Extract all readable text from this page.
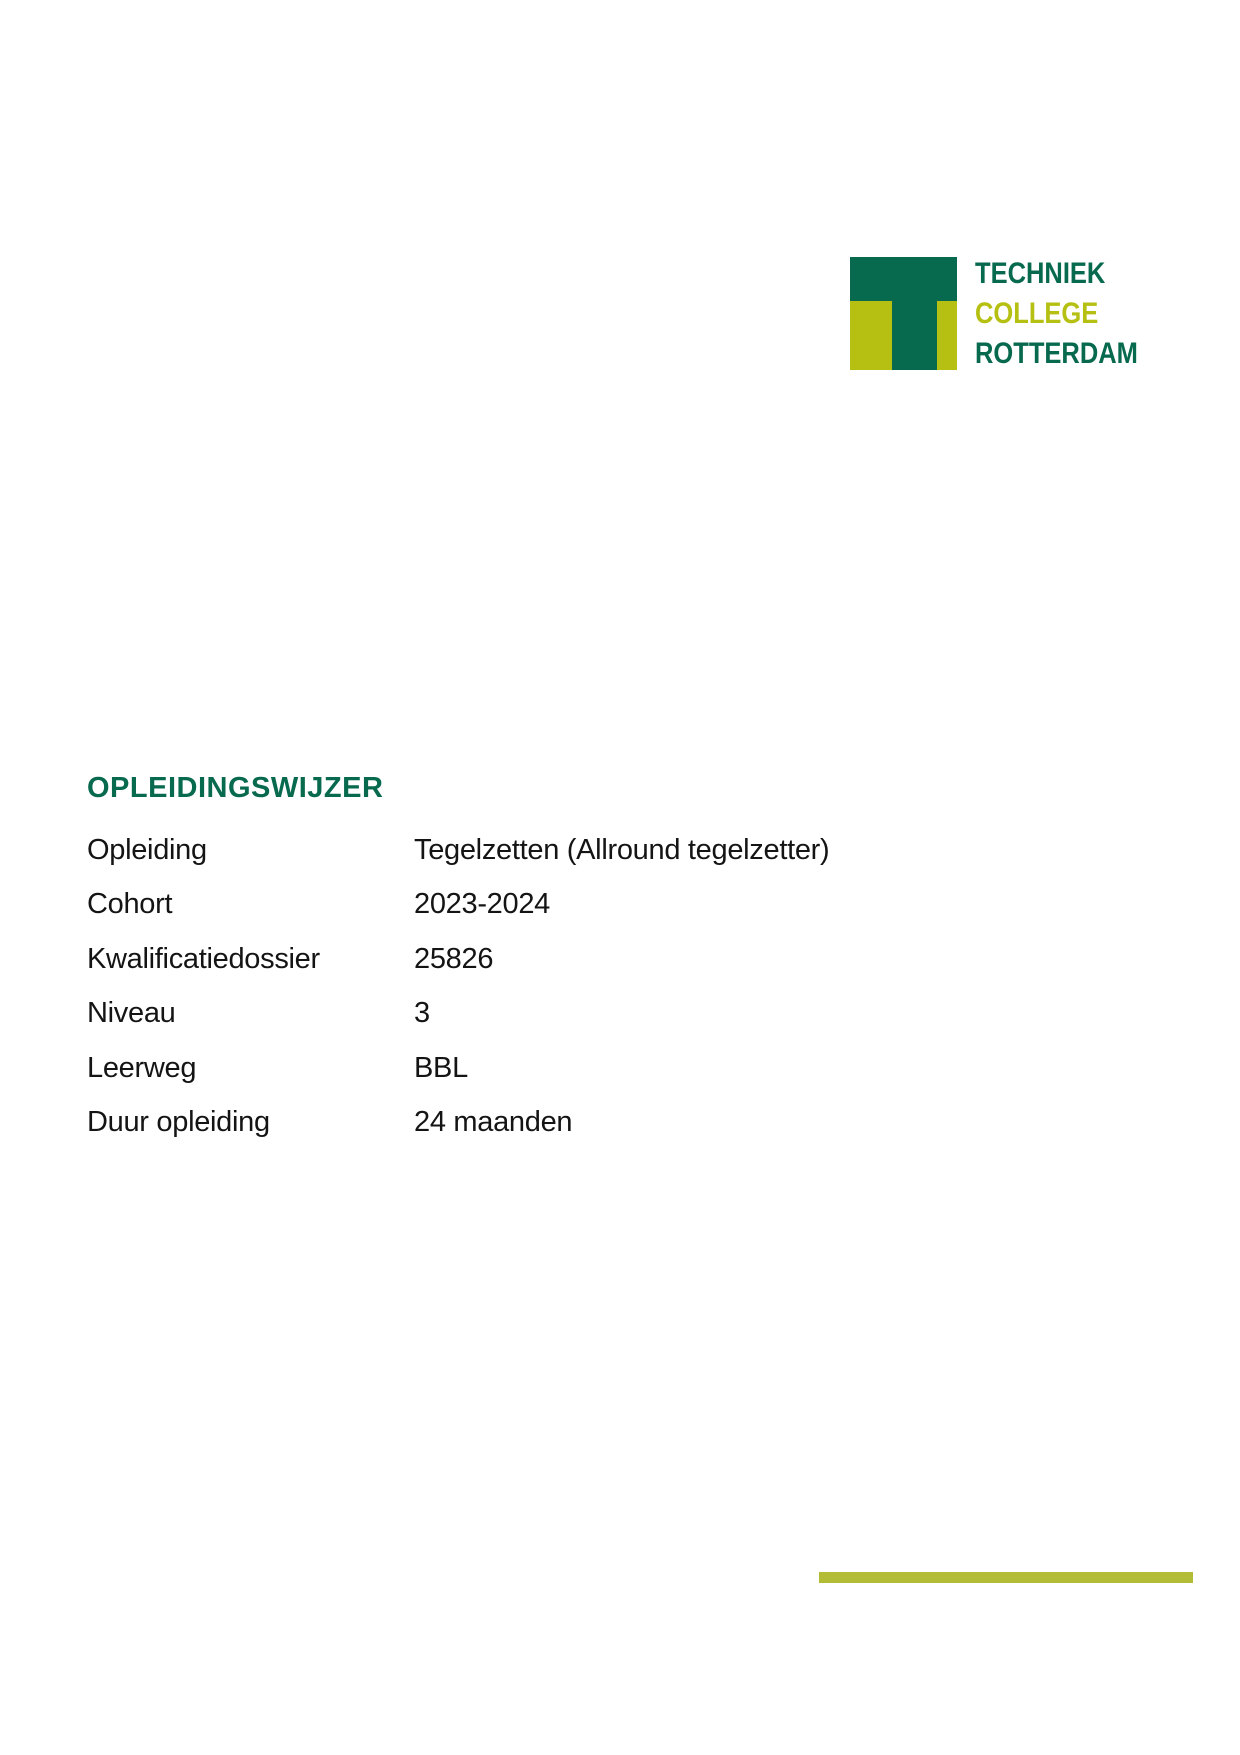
TECHNIEK
COLLEGE
ROTTERDAM
OPLEIDINGSWIJZER
Opleiding	Tegelzetten (Allround tegelzetter)
Cohort	2023-2024
Kwalificatiedossier	25826
Niveau	3
Leerweg	BBL
Duur opleiding	24 maanden
